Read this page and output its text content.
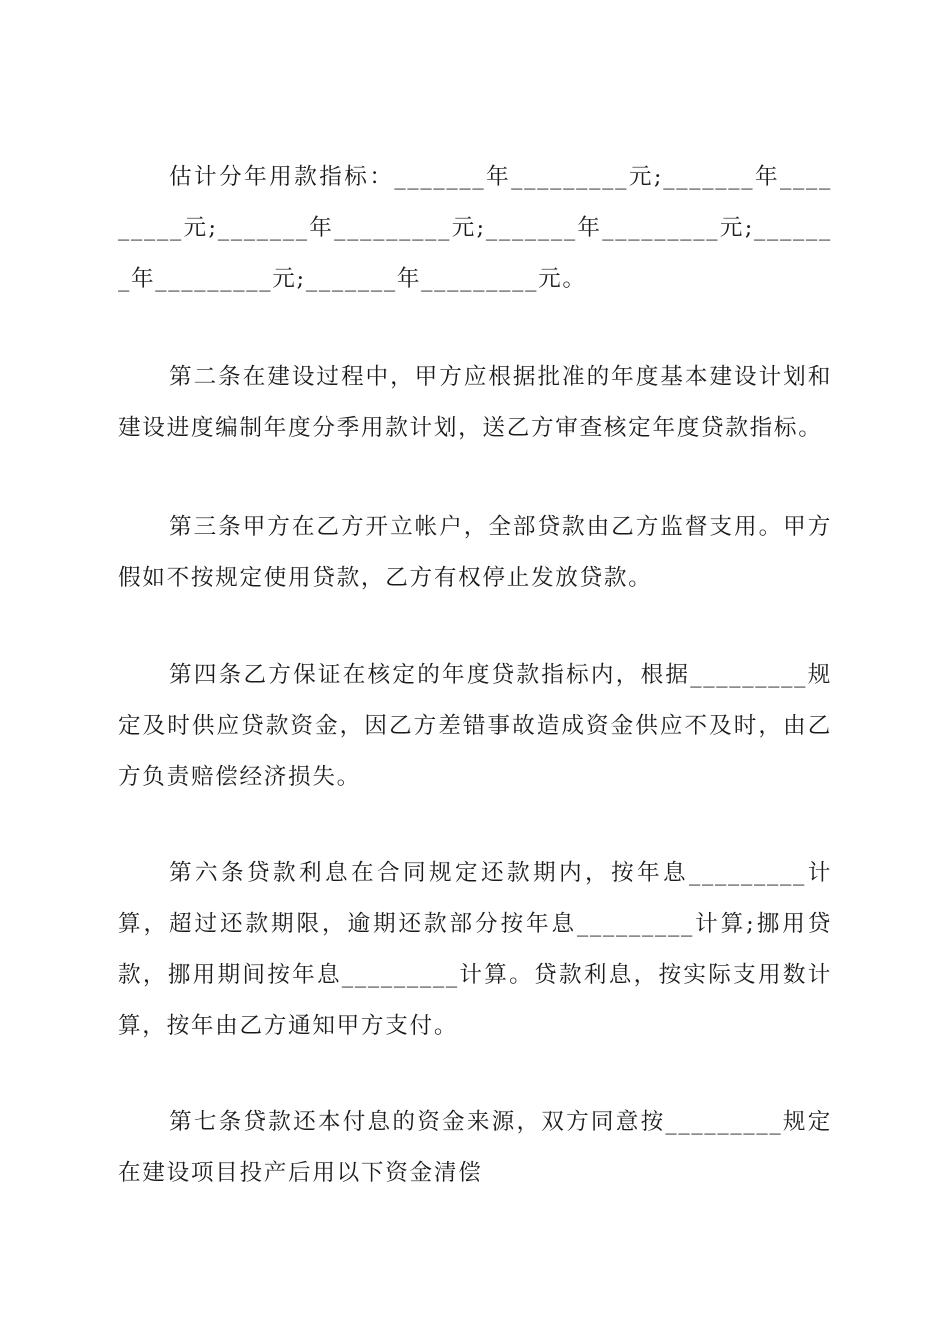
估计分年用款指标：_______年_________元;_______年_________元;_______年_________元;_______年_________元;_______年_________元;_______年_________元。

第二条在建设过程中，甲方应根据批准的年度基本建设计划和建设进度编制年度分季用款计划，送乙方审查核定年度贷款指标。

第三条甲方在乙方开立帐户，全部贷款由乙方监督支用。甲方假如不按规定使用贷款，乙方有权停止发放贷款。

第四条乙方保证在核定的年度贷款指标内，根据_________规定及时供应贷款资金，因乙方差错事故造成资金供应不及时，由乙方负责赔偿经济损失。

第六条贷款利息在合同规定还款期内，按年息_________计算，超过还款期限，逾期还款部分按年息_________计算;挪用贷款，挪用期间按年息_________计算。贷款利息，按实际支用数计算，按年由乙方通知甲方支付。

第七条贷款还本付息的资金来源，双方同意按_________规定在建设项目投产后用以下资金清偿
